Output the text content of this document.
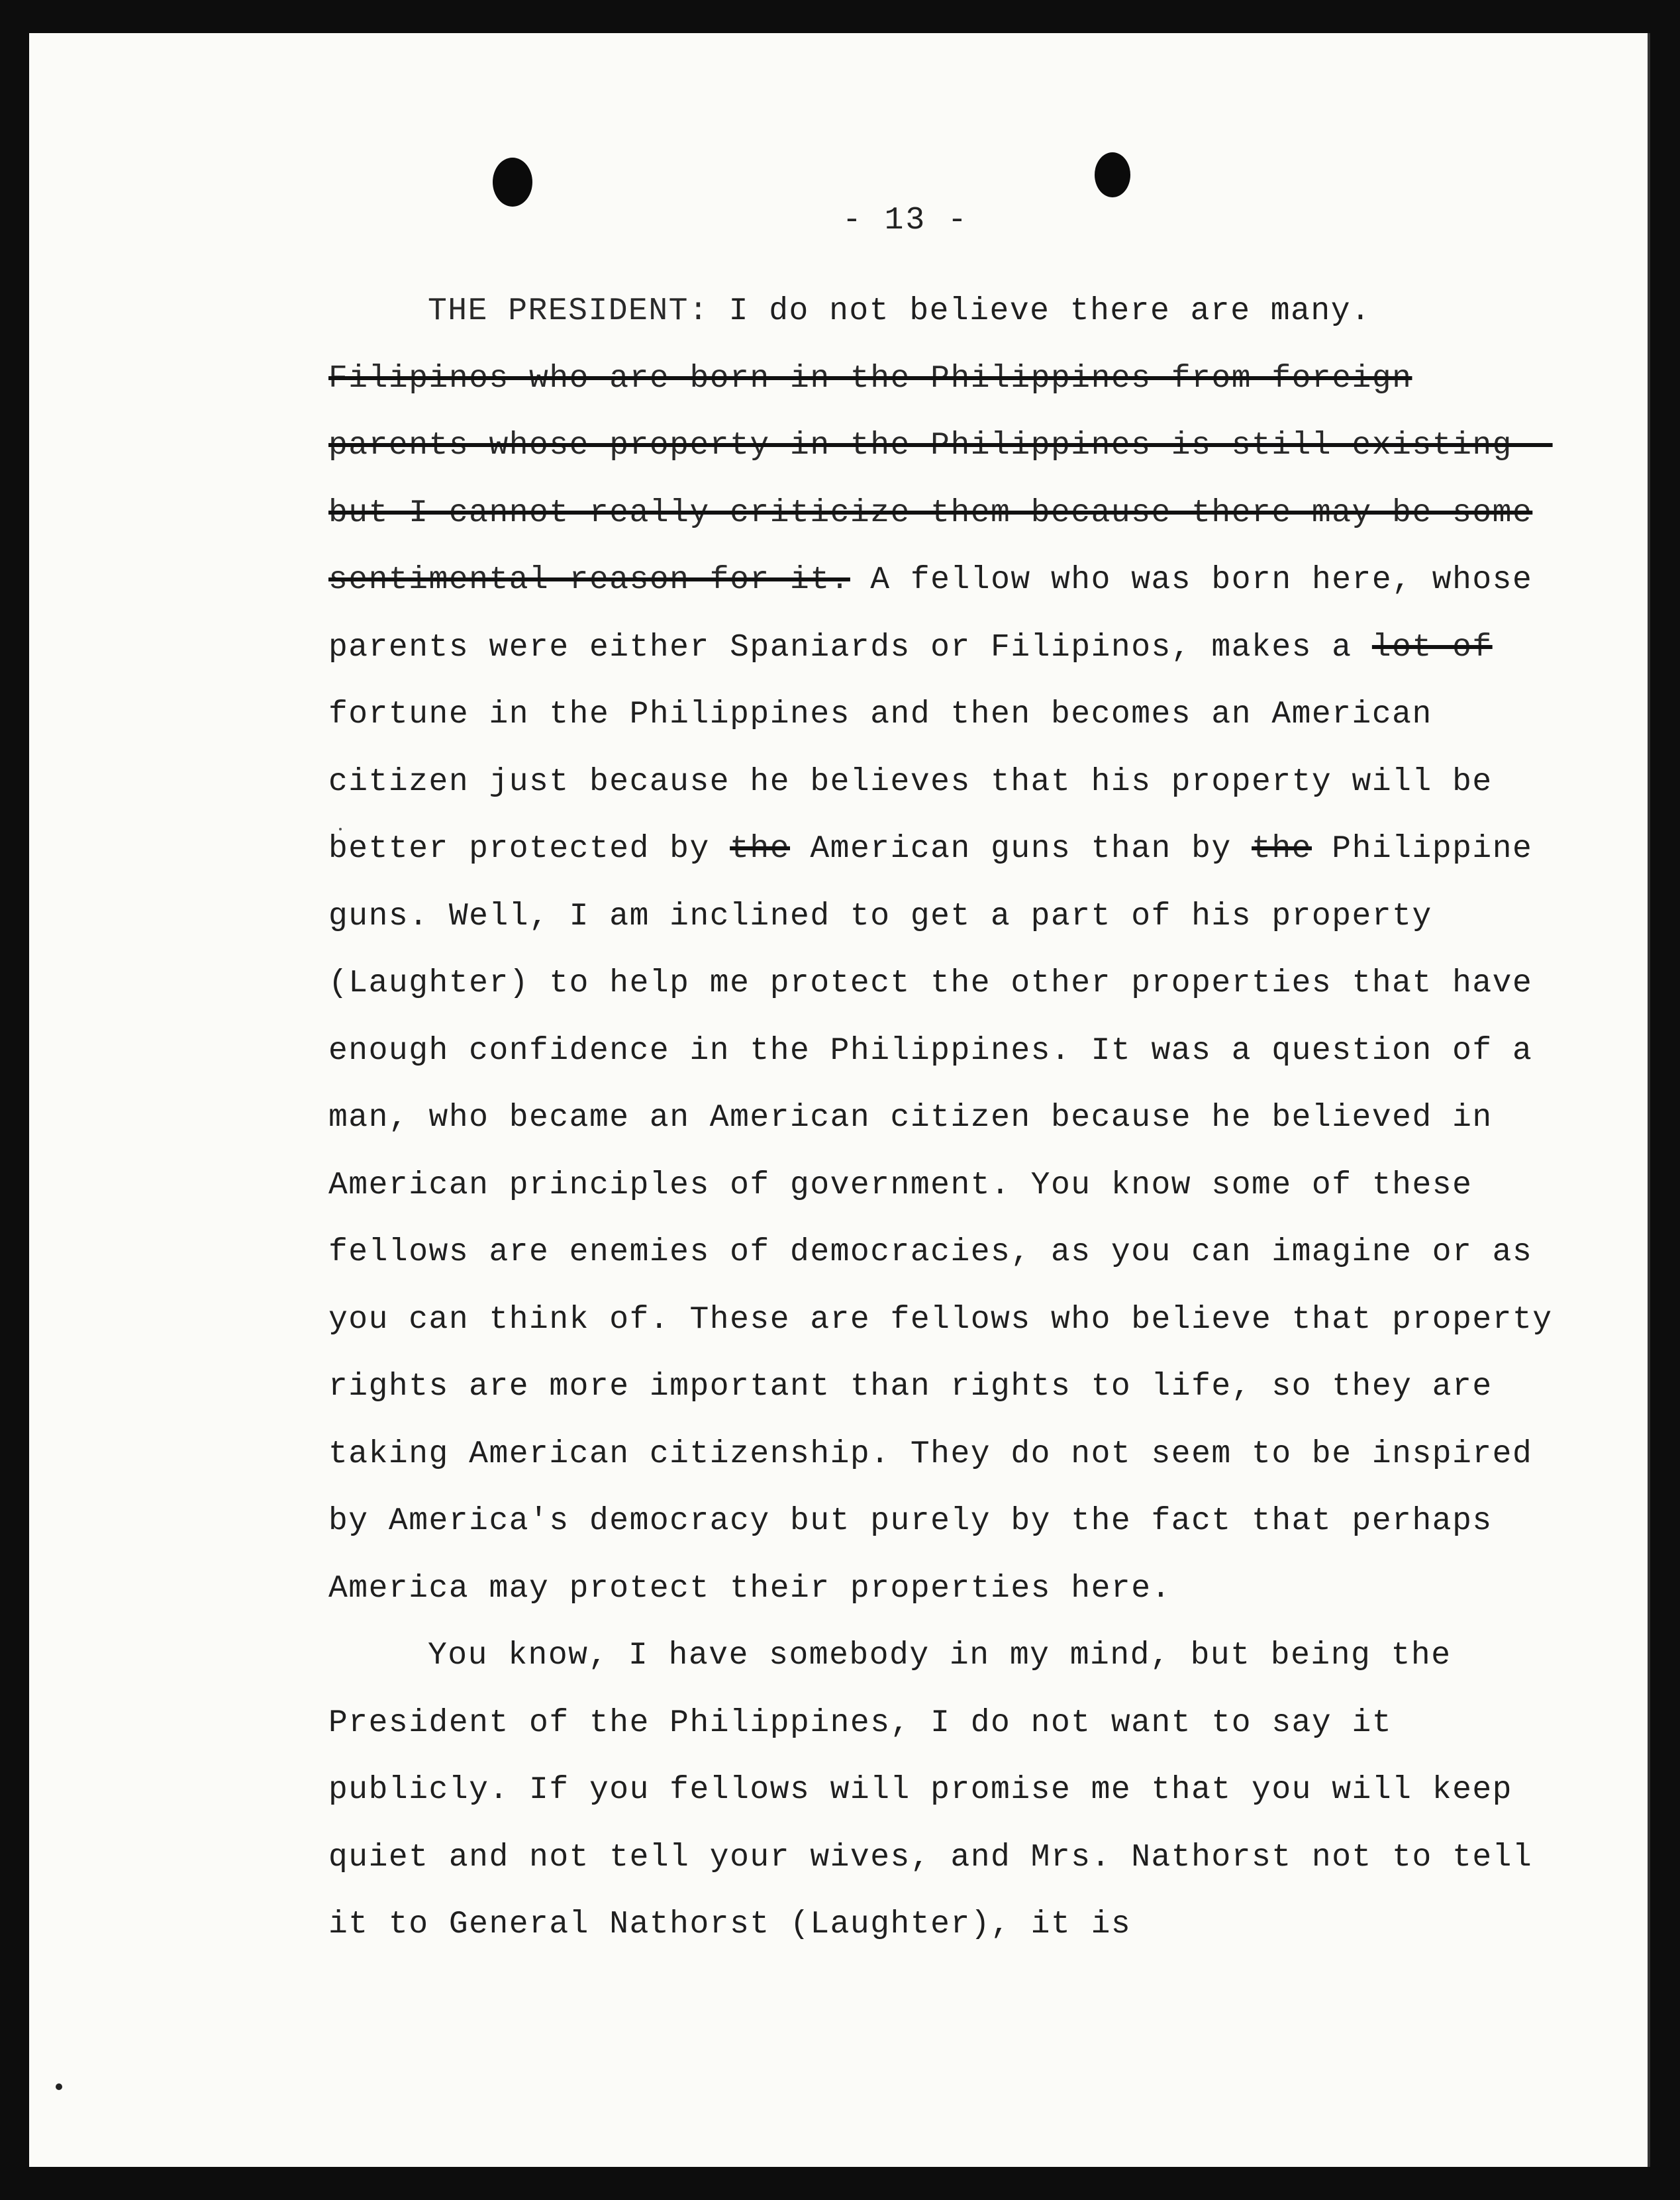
- 13 -

THE PRESIDENT: I do not believe there are many. Filipinos who are born in the Philippines from foreign parents whose property in the Philippines is still existing - but I cannot really criticize them because there may be some sentimental reason for it. A fellow who was born here, whose parents were either Spaniards or Filipinos, makes a lot of fortune in the Philippines and then becomes an American citizen just because he believes that his property will be better protected by the American guns than by the Philippine guns. Well, I am inclined to get a part of his property (Laughter) to help me protect the other properties that have enough confidence in the Philippines. It was a question of a man, who became an American citizen because he believed in American principles of government. You know some of these fellows are enemies of democracies, as you can imagine or as you can think of. These are fellows who believe that property rights are more important than rights to life, so they are taking American citizenship. They do not seem to be inspired by America's democracy but purely by the fact that perhaps America may protect their properties here.

You know, I have somebody in my mind, but being the President of the Philippines, I do not want to say it publicly. If you fellows will promise me that you will keep quiet and not tell your wives, and Mrs. Nathorst not to tell it to General Nathorst (Laughter), it is
